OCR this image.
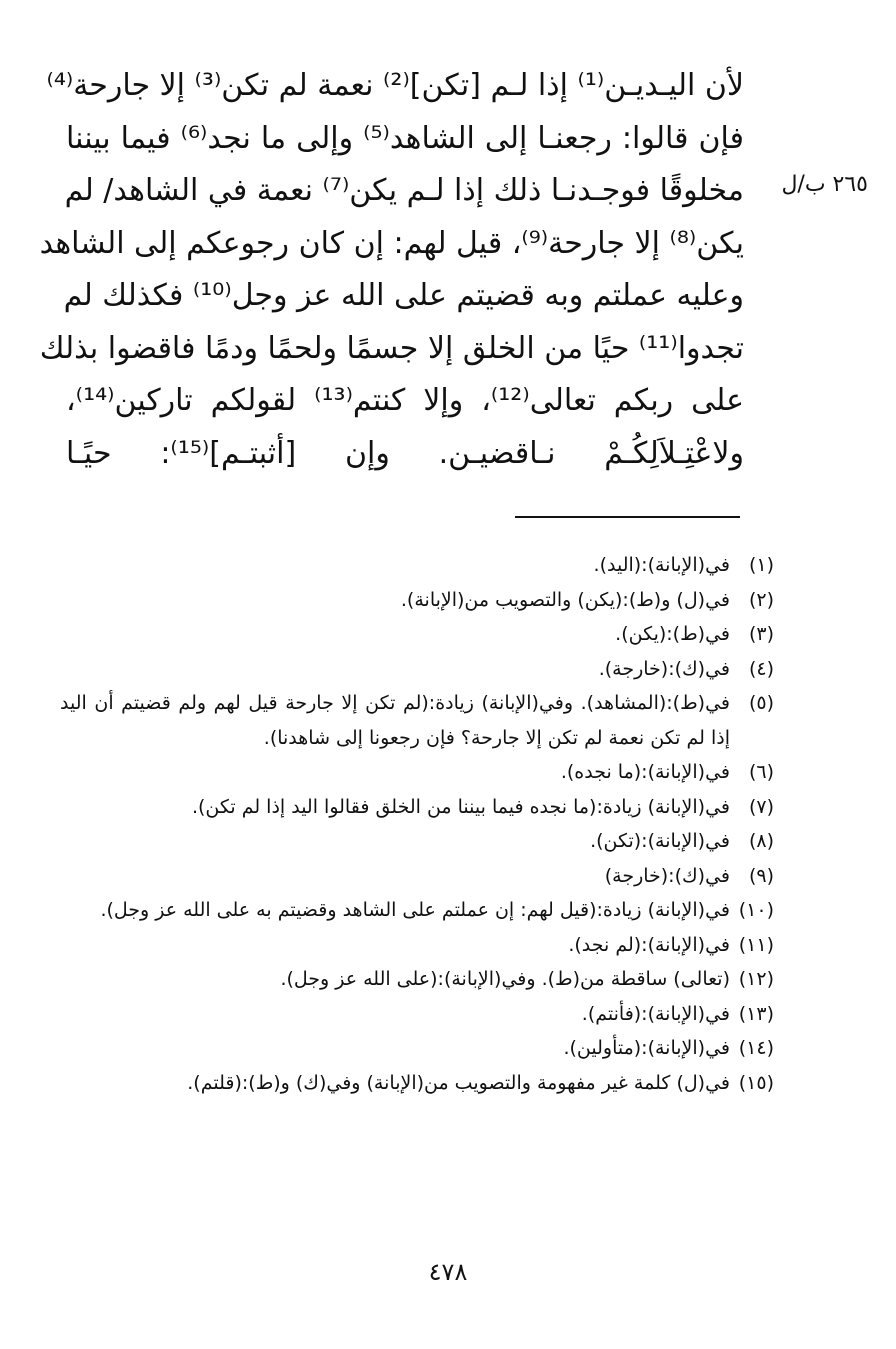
٢٦٥ ب/ل
لأن اليـديـن⁽¹⁾ إذا لـم [تكن]⁽²⁾ نعمة لم تكن⁽³⁾ إلا جارحة⁽⁴⁾
فإن قالوا: رجعنـا إلى الشاهد⁽⁵⁾ وإلى ما نجد⁽⁶⁾ فيما بيننا
مخلوقًا فوجـدنـا ذلك إذا لـم يكن⁽⁷⁾ نعمة في الشاهد/ لم
يكن⁽⁸⁾ إلا جارحة⁽⁹⁾، قيل لهم: إن كان رجوعكم إلى الشاهد
وعليه عملتم وبه قضيتم على الله عز وجل⁽¹⁰⁾ فكذلك لم
تجدوا⁽¹¹⁾ حيًا من الخلق إلا جسمًا ولحمًا ودمًا فاقضوا بذلك
على ربكم تعالى⁽¹²⁾، وإلا كنتم⁽¹³⁾ لقولكم تاركين⁽¹⁴⁾،
ولاعْتِـلاَلِكُـمْ نـاقضيـن. وإن [أثبتـم]⁽¹⁵⁾: حيًـا
(١)
في(الإبانة):(اليد).
(٢)
في(ل) و(ط):(يكن) والتصويب من(الإبانة).
(٣)
في(ط):(يكن).
(٤)
في(ك):(خارجة).
(٥)
في(ط):(المشاهد). وفي(الإبانة) زيادة:(لم تكن إلا جارحة قيل لهم ولم قضيتم أن اليد إذا لم تكن نعمة لم تكن إلا جارحة؟ فإن رجعونا إلى شاهدنا).
(٦)
في(الإبانة):(ما نجده).
(٧)
في(الإبانة) زيادة:(ما نجده فيما بيننا من الخلق فقالوا اليد إذا لم تكن).
(٨)
في(الإبانة):(تكن).
(٩)
في(ك):(خارجة)
(١٠)
في(الإبانة) زيادة:(قيل لهم: إن عملتم على الشاهد وقضيتم به على الله عز وجل).
(١١)
في(الإبانة):(لم نجد).
(١٢)
(تعالى) ساقطة من(ط). وفي(الإبانة):(على الله عز وجل).
(١٣)
في(الإبانة):(فأنتم).
(١٤)
في(الإبانة):(متأولين).
(١٥)
في(ل) كلمة غير مفهومة والتصويب من(الإبانة) وفي(ك) و(ط):(قلتم).
٤٧٨
